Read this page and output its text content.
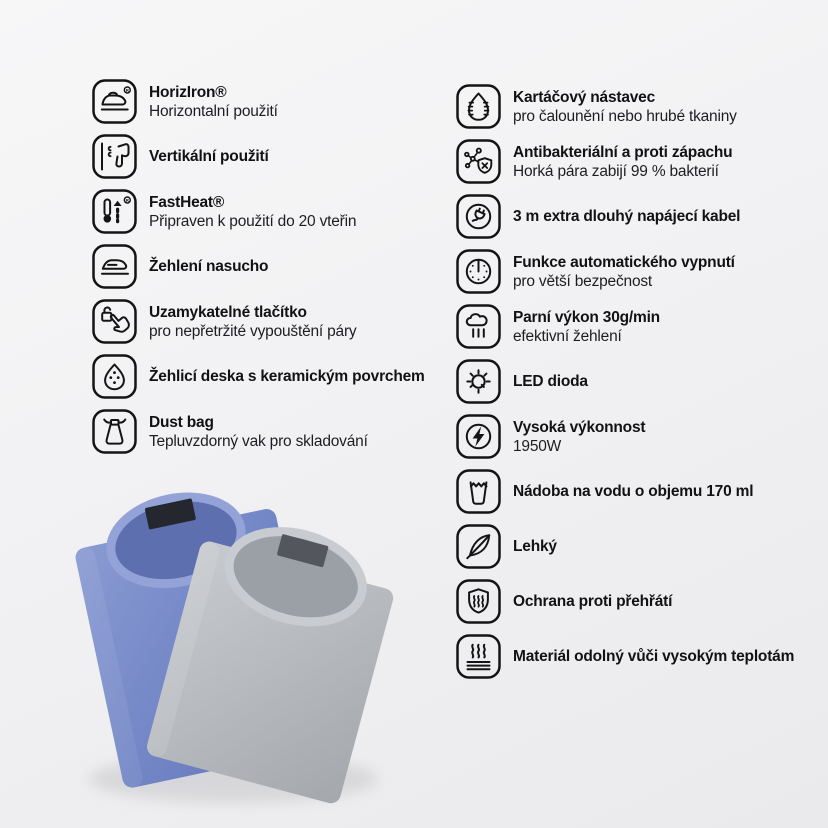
R HorizIron®
Horizontalní použití
Vertikální použití
R FastHeat®
Připraven k použití do 20 vteřin
Žehlení nasucho
Uzamykatelné tlačítko
pro nepřetržité vypouštění páry
Žehlicí deska s keramickým povrchem
Dust bag
Tepluvzdorný vak pro skladování
Kartáčový nástavec
pro čalounění nebo hrubé tkaniny
Antibakteriální a proti zápachu
Horká pára zabijí 99 % bakterií
3 m extra dlouhý napájecí kabel
Funkce automatického vypnutí
pro větší bezpečnost
Parní výkon 30g/min
efektivní žehlení
LED dioda
Vysoká výkonnost
1950W
Nádoba na vodu o objemu 170 ml
Lehký
Ochrana proti přehřátí
Materiál odolný vůči vysokým teplotám
